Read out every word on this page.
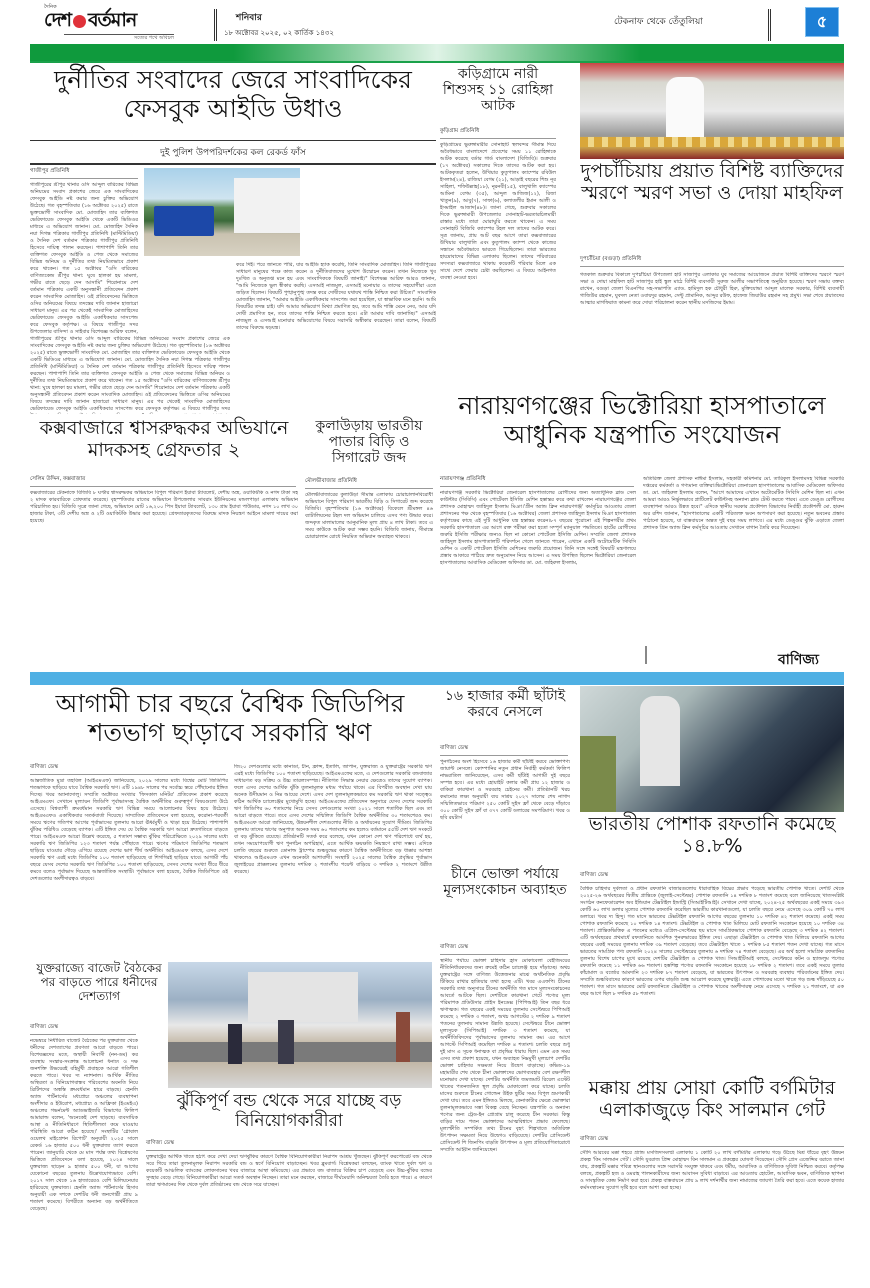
দৈনিক
দেশ বর্তমান
সত্যের পথে অবিচল
শনিবার
১৮ অক্টোবর ২০২৫, ০২ কার্তিক ১৪৩২
টেকনাফ থেকে তেঁতুলিয়া	৫
দুর্নীতির সংবাদের জেরে সাংবাদিকের ফেসবুক আইডি উধাও
দুই পুলিশ উপপরিদর্শকের কল রেকর্ড ফাঁস
গাজীপুর প্রতিনিধি
গাজীপুরের শ্রীপুর থানার ওসি আব্দুল বারিকের বিভিন্ন অনিয়মের সংবাদ প্রকাশের জেরে এক সাংবাদিকের ফেসবুক আইডি নষ্ট করার জন্য চুক্তির অভিযোগ উঠেছে। গত বৃহস্পতিবার (১৬ অক্টোবর ২০২৫) রাতে ভুক্তভোগী সাংবাদিক মো. মোজাহিদ তার ব্যক্তিগত ভেরিফায়েড ফেসবুক আইডি থেকে একটি ভিডিওর মাধ্যমে এ অভিযোগ জানান। মো. মোজাহিদ দৈনিক নয়া দিগন্ত পত্রিকার গাজীপুর প্রতিনিধি (মাল্টিমিডিয়া) ও দৈনিক দেশ বর্তমান পত্রিকার গাজীপুর প্রতিনিধি হিসেবে দায়িত্ব পালন করছেন। পাশাপাশি তিনি তার ব্যক্তিগত ফেসবুক আইডি ও পেজ থেকে সমাজের বিভিন্ন অনিয়ম ও দুর্নীতির তথ্য নিয়মিতভাবে প্রকাশ করে থাকেন। গত ১৫ অক্টোবর "ওসি বারিকের বাণিজ্যকেন্দ্র শ্রীপুর থানা: ঘুষে হালকা হয় মামলা, গভীর রাতে ছেড়ে দেন আসামি" শিরোনামে দেশ বর্তমান পত্রিকায় একটি অনুসন্ধানী প্রতিবেদন প্রকাশ করেন সাংবাদিক মোজাহিদ। ওই প্রতিবেদনের ভিত্তিতে ওসির অনিয়মের বিষয়ে তদন্তের দাবি জানান হাজারো সাধারণ মানুষ। এর পর থেকেই সাংবাদিক মোজাহিদের ভেরিফায়েড ফেসবুক আইডি একাধিকবার সাসপেন্ড করে ফেসবুক কর্তৃপক্ষ। এ বিষয়ে গাজীপুর সদর উপজেলার বাসিন্দা ও সাইবার বিশেষজ্ঞ আরিফ বলেন,
গাজীপুরের শ্রীপুর থানার ওসি আব্দুল বারিকের বিভিন্ন অনিয়মের সংবাদ প্রকাশের জেরে এক সাংবাদিকের ফেসবুক আইডি নষ্ট করার জন্য চুক্তির অভিযোগ উঠেছে। গত বৃহস্পতিবার (১৬ অক্টোবর ২০২৫) রাতে ভুক্তভোগী সাংবাদিক মো. মোজাহিদ তার ব্যক্তিগত ভেরিফায়েড ফেসবুক আইডি থেকে একটি ভিডিওর মাধ্যমে এ অভিযোগ জানান। মো. মোজাহিদ দৈনিক নয়া দিগন্ত পত্রিকার গাজীপুর প্রতিনিধি (মাল্টিমিডিয়া) ও দৈনিক দেশ বর্তমান পত্রিকার গাজীপুর প্রতিনিধি হিসেবে দায়িত্ব পালন করছেন। পাশাপাশি তিনি তার ব্যক্তিগত ফেসবুক আইডি ও পেজ থেকে সমাজের বিভিন্ন অনিয়ম ও দুর্নীতির তথ্য নিয়মিতভাবে প্রকাশ করে থাকেন। গত ১৫ অক্টোবর "ওসি বারিকের বাণিজ্যকেন্দ্র শ্রীপুর থানা: ঘুষে হালকা হয় মামলা, গভীর রাতে ছেড়ে দেন আসামি" শিরোনামে দেশ বর্তমান পত্রিকায় একটি অনুসন্ধানী প্রতিবেদন প্রকাশ করেন সাংবাদিক মোজাহিদ। ওই প্রতিবেদনের ভিত্তিতে ওসির অনিয়মের বিষয়ে তদন্তের দাবি জানান হাজারো সাধারণ মানুষ। এর পর থেকেই সাংবাদিক মোজাহিদের ভেরিফায়েড ফেসবুক আইডি একাধিকবার সাসপেন্ড করে ফেসবুক কর্তৃপক্ষ। এ বিষয়ে গাজীপুর সদর
করে দিই। পরে জানতে পারি, যার আইডি হ্যাক করেছি, তিনি সাংবাদিক মোজাহিদ। তিনি গাজীপুরের সাধারণ মানুষের পক্ষে কাজ করেন ও দুর্নীতিবাজদের মুখোশ উন্মোচন করেন। তখন নিজেকে খুব দুঃখিত ও অনুতপ্ত মনে হয় এবং সাংবাদিককে বিষয়টি জানাই।" বিশেষজ্ঞ আরিফ আরও জানান, "আমি নিজেকে ভুল স্বীকার করছি। এসআই নাজমুল, এসআই মনোয়ার ও তাদের সহযোগীরা এতে জড়িত ছিলেন। বিষয়টি পুঙ্খানুপুঙ্খ তদন্ত করে দোষীদের যথাযথ শাস্তি নিশ্চিত করা উচিত।" সাংবাদিক মোজাহিদ জানান, "আমার আইডি একাধিকবার সাসপেন্ড করা হয়েছিল, যা স্বাভাবিক মনে হয়নি। আমি বিষয়টির তদন্ত চাই। যদি আমার অভিযোগ মিথ্যা প্রমাণিত হয়, তবে আমি শাস্তি মেনে নেব, আর যদি দোষী প্রমাণিত হন, তবে তাদের শাস্তি নিশ্চিত করতে হবে। এটা আমার দাবি জানাচ্ছি।" এসআই নাজমুল ও এসআই মনোয়ার অভিযোগের বিষয়ে সরাসরি অস্বীকার করেছেন। তারা বলেন, বিষয়টি তাদের বিরুদ্ধে ষড়যন্ত্র।
কড়িগ্রামে নারী শিশুসহ ১১ রোহিঙ্গা আটক
কুড়িগ্রাম প্রতিনিধি
কুড়িগ্রামের ভুরুঙ্গামারীর সোনাহাট স্থলবন্দর সীমান্ত দিয়ে অবৈধভাবে বাংলাদেশে প্রবেশের সময় ১১ রোহিঙ্গাকে আটক করেছে বর্ডার গার্ড বাংলাদেশ (বিজিবি)। শুক্রবার (১৭ অক্টোবর) সকালের দিকে তাদের আটক করা হয়। আটককৃতরা হলেন, উখিয়ার কুতুপালং ক্যাম্পের রবিউল ইসলাম(২৪), রাজিয়া বেগম (২১), আড়াই বছরের শিশু নূর সাহিলা, শফিউল্লাহ(১৮), নূরনবী(১৫), বালুখালি ক্যাম্পের আমিনা বেগম (৩৫), আব্দুল আজিজ(১২), রিজা খাতুন(৯), আবু(৭), সাফা(৬), কলাতলীর ইমান আলী ও ইসমাইল আজাদ(৪৮)। জানা গেছে, শুক্রবার সকালের দিকে ভুরুঙ্গামারী উপজেলার সোনাহাট-ভরতারচিলমারী রাস্তার মধ্যে তারা ঘোরাঘুরি করতে থাকেন। এ সময় সোনাহাট বিজিবি ক্যাম্পের টহল দল তাদের আটক করে। সূত্র জানায়, প্রায় আট বছর আগে তারা কক্সবাজারের উখিয়ার বালুখালি এবং কুতুপালং ক্যাম্প থেকে কাজের সন্ধানে অবৈধভাবে ভারতে গিয়েছিলেন। তারা ভারতের হায়দ্রাবাদের বিভিন্ন এলাকায় ছিলেন। তাদের পরিবারের সদস্যরা কক্সবাজারে থাকায় কয়েকটি পরিবার মিলে এক সাথে দেশে ফেরার চেষ্টা করছিলেন। এ বিষয়ে আইনগত ব্যবস্থা নেওয়া হবে।
দুপচাঁচিয়ায় প্রয়াত বিশিষ্ট ব্যাক্তিদের স্মরণে স্মরণ সভা ও দোয়া মাহফিল
দুপচাঁচিয়া (বগুড়া) প্রতিনিধি
গতকাল শুক্রবার বিকালে দুপচাঁচিয়া উপজেলা হাট সাজাপুর এলাকার যুব সমাজের আয়োজনে প্রয়াত বিশিষ্ট ব্যক্তিদের স্মরণে স্মরণ সভা ও দোয়া মাহফিল হাট সাজাপুর হাই স্কুল মাঠে বিশিষ্ট ব্যবসায়ী সুরুজ আলীর সভাপতিত্বে অনুষ্ঠিত হয়েছে। স্মরণ সভায় বক্তব্য রাখেন, বগুড়া জেলা বিএনপির সহ-সভাপতি এ্যাড. হামিদুল হক চৌধুরী হিরু, মুক্তিযোদ্ধা আব্দুল মালেক সরকার, বিশিষ্ট ব্যবসায়ী গাজিউর রহমান, যুবদল নেতা ওবায়দুর রহমান, সেন্টু প্রামানিক, আব্দুর রউফ, হাফেজ জিয়াউর রহমান সহ প্রমুখ। সভা শেষে প্রয়াতদের আত্মার মাগফিরাত কামনা করে দোয়া পরিচালনা করেন স্থানীয় মসজিদের ইমাম।
কক্সবাজারে শ্বাসরুদ্ধকর অভিযানে মাদকসহ গ্রেফতার ২
সেলিম উদ্দিন, কক্সবাজার
কক্সবাজারের টেকনাফে বিজিবি ৮ ঘণ্টার শ্বাসরুদ্ধকর অভিযানে বিপুল পরিমাণ ইয়াবা ট্যাবলেট, দেশীয় অস্ত্র, ওয়াকিটকি ও নগদ টাকা সহ ২ মাদক কারবারিকে গ্রেফতার করেছে। বৃহস্পতিবার রাতের অভিযানে উপজেলার সাবরাং ইউনিয়নের মন্ডলপাড়া এলাকায় অভিযান পরিচালিত হয়। বিজিবি সূত্রে জানা গেছে, অভিযানে মোট ১৬,২০০ পিস ইয়াবা ট্যাবলেট, ১৩০ গ্রাম ইয়াবা পাউডার, নগদ ১০ লাখ ৩০ হাজার টাকা, ৩টি দেশীয় অস্ত্র ও ২টি ওয়াকিটকি উদ্ধার করা হয়েছে। গ্রেফতারকৃতদের বিরুদ্ধে মাদক নিয়ন্ত্রণ আইনে মামলা দায়ের করা হয়েছে।
কুলাউড়ায় ভারতীয় পাতার বিড়ি ও সিগারেট জব্দ
মৌলভীবাজার প্রতিনিধি
মৌলভীবাজারের কুলাউড়া সীমান্ত এলাকায় চোরাচালানবিরোধী অভিযানে বিপুল পরিমাণ ভারতীয় বিড়ি ও সিগারেট জব্দ করেছে বিজিবি। বৃহস্পতিবার (১৬ অক্টোবর) বিকেলে শ্রীমঙ্গল ৪৬ ব্যাটালিয়নের টহল দল অভিযান চালিয়ে এসব পণ্য উদ্ধার করে। জব্দকৃত মালামালের আনুমানিক মূল্য প্রায় ৪ লাখ টাকা। তবে এ সময় কাউকে আটক করা সম্ভব হয়নি। বিজিবি জানায়, সীমান্তে চোরাচালান রোধে নিয়মিত অভিযান অব্যাহত থাকবে।
নারায়ণগঞ্জের ভিক্টোরিয়া হাসপাতালে আধুনিক যন্ত্রপাতি সংযোজন
নারায়ণগঞ্জ প্রতিনিধি
নারায়ণগঞ্জ সরকারি ভিক্টোরিয়া জেনারেল হাসপাতালের রোগীদের জন্য অত্যাধুনিক ব্লাড সেল কাউন্টার (সিবিসি) এবং পোর্টেবল ইসিজি মেশিন হস্তান্তর করে কথা রাখলেন নারায়ণগঞ্জের জেলা প্রশাসক মোহাম্মদ জাহিদুল ইসলাম মিঞা।'গ্রীন অ্যান্ড ক্লিন নারায়ণগঞ্জ' কর্মসূচির আওতায় জেলা প্রশাসনের পক্ষ থেকে বৃহস্পতিবার (১৬ অক্টোবর) জেলা প্রশাসক জাহিদুল ইসলাম মিঞা হাসপাতাল কর্তৃপক্ষের কাছে এই দুটি আধুনিক যন্ত্র হস্তান্তর করেন।৮৭ বছরের পুরোনো এই শিল্পনগরীর প্রথম সরকারি হাসপাতালে এর আগে রক্ত পরীক্ষা করা হতো সম্পূর্ণ ম্যানুয়াল পদ্ধতিতে। হার্টের রোগীদের জরুরি ইসিজি পরীক্ষার জন্যও ছিল না কোনো পোর্টেবল ইসিজি মেশিন। সম্প্রতি জেলা প্রশাসক জাহিদুল ইসলাম হাসপাতালটি পরিদর্শনে গেলে জানতে পারেন, এখানে একটি অটোমেটিক সিবিসি মেশিন ও একটি পোর্টেবল ইসিজি মেশিনের জরুরি প্রয়োজন। তিনি সঙ্গে সঙ্গেই বিষয়টি মন্ত্রণালয়ে প্রস্তাব আকারে পাঠিয়ে দ্রুত অনুমোদন নিয়ে আসেন। এ সময় উপস্থিত ছিলেন ভিক্টোরিয়া জেনারেল হাসপাতালের আবাসিক মেডিকেল অফিসার ডা. মো. জহিরুল ইসলাম,
অতিরিক্ত জেলা প্রশাসক নাঈমা ইসলাম, সহকারী কমিশনার মো. তারিকুল ইসলামসহ বিভিন্ন সরকারি দপ্তরের কর্মকর্তা ও গণ্যমান্য ব্যক্তিরা।ভিক্টোরিয়া জেনারেল হাসপাতালের আবাসিক মেডিকেল অফিসার ডা. মো. জহিরুল ইসলাম বলেন, "আগে আমাদের এখানে অটোমেটিক সিবিসি মেশিন ছিল না। এখন আমরা আরও নির্ভুলভাবে প্লাটিলেট কাউন্টসহ অন্যান্য ব্লাড টেস্ট করতে পারব। এতে ডেঙ্গু রোগীদের ব্যবস্থাপনা আরও উন্নত হবে।" এদিকে স্থানীয় সরকার প্রকৌশল বিভাগের নির্বাহী প্রকৌশলী মো. হারুন অর রশিদ জানান, "হাসপাতালের একটি পরিত্যক্ত ভবন অপসারণ করা হয়েছে। নতুন ভবনের প্রস্তাব পাঠানো হয়েছে, যা বাস্তবায়নে অন্তত দুই বছর সময় লাগবে। এর মধ্যে ডেঙ্গুর ঝুঁকি এড়াতে জেলা প্রশাসক গ্রিন অ্যান্ড ক্লিন কর্মসূচির আওতায় সেখানে বাগান তৈরি করে দিয়েছেন।
বাণিজ্য
আগামী চার বছরে বৈশ্বিক জিডিপির শতভাগ ছাড়াবে সরকারি ঋণ
বাণিজ্য ডেস্ক
আন্তর্জাতিক মুদ্রা তহবিল (আইএমএফ) জানিয়েছে, ২০২৯ সালের মধ্যে বিশ্বের মোট জিডিপির শতভাগকে ছাড়িয়ে যাবে বৈশ্বিক সরকারি ঋণ। এটি ১৯৪৮ সালের পর সর্বোচ্চ স্তরে পৌঁছানোর ইঙ্গিত দিচ্ছে। খবর অ্যানাদোলু। সম্প্রতি অক্টোবর সংখ্যার 'ফিসকাল মনিটর' প্রতিবেদন প্রকাশ করেছে আইএমএফ। সেখানে মূল্যায়ন জিডিপি পূর্বাভাসসহ বৈশ্বিক অর্থনীতির গুরুত্বপূর্ণ বিষয়গুলো উঠে এসেছে। বিশ্বব্যাপী ক্রমবর্ধমান সরকারি ঋণ বিভিন্ন সময়ে আলোচনার বিষয় হয়ে উঠেছে। আইএমএফও একাধিকবার সতর্কবার্তা দিয়েছে। সাম্প্রতিক প্রতিবেদনে বলা হয়েছে, করোনা-পরবর্তী সময়ে ঋণের গতিপথ আগের পূর্বাভাসের তুলনায় আরো ঊর্ধ্বমুখী ও খাড়া হয়ে উঠেছে। পাশাপাশি ঝুঁকির পরিধিও বেড়েছে ব্যাপক। এটি ইঙ্গিত দেয় যে বৈশ্বিক সরকারি ঋণ আরো দ্রুতগতিতে বাড়তে পারে। আইএমএফ আরো উল্লেখ করেছে, ৫ শতাংশ সম্ভাব্য ঝুঁকির পরিপ্রেক্ষিতে ২০২৯ সালের মধ্যে সরকারি ঋণ জিডিপির ১২৩ শতাংশ পর্যন্ত পৌঁছাতে পারে। ঋণের পরিমাণে জিডিপির শতভাগ ছাড়িয়ে যাওয়ার দৌড়ে এগিয়ে রয়েছে দেশের ভাগ শীর্ষ অর্থনীতি। আইএমএফ বলছে, এসব দেশে সরকারি ঋণ এরই মধ্যে জিডিপির ১০০ শতাংশ ছাড়িয়েছে বা শিগগিরই ছাড়িয়ে যাবে। আগামী পাঁচ বছরে যেসব দেশের সরকারি ঋণ জিডিপির ১০০ শতাংশ ছাড়িয়েছে, সেসব দেশের সংখ্যা ধীরে ধীরে কমবে বলেও পূর্বাভাস দিয়েছে আন্তর্জাতিক সংস্থাটি। পূর্বাভাসে বলা হয়েছে, বৈশ্বিক জিডিপিতে ওই দেশগুলোর অংশীদারত্বও বাড়বে।
জি২০ দেশগুলোর মধ্যে কানাডা, চীন, ফ্রান্স, ইতালি, জাপান, যুক্তরাজ্য ও যুক্তরাষ্ট্রের সরকারি ঋণ এরই মধ্যে জিডিপির ১০০ শতাংশ ছাড়িয়েছে। আইএমএফের মতে, এ দেশগুলোর সরকারি বন্ডবাজার সাধারণত বড় সক্রিয় ও উচ্চ তারল্যসম্পন্ন। নীতিগত সিদ্ধান্ত নেয়ার ক্ষেত্রেও তাদের সুযোগ ব্যাপক। ফলে এসব দেশের আর্থিক ঝুঁকি তুলনামূলক মধ্যম পর্যায়ে থাকে। এর বিপরীত অবস্থান দেখা যায় অনেক উদীয়মান ও নিম্ন আয়ের দেশে। এসব দেশ তুলনামূলকভাবে কম সরকারি ঋণ থাকা সত্ত্বেও কঠিন আর্থিক চ্যালেঞ্জের মুখোমুখি হচ্ছে। আইএমএফের প্রতিবেদন অনুসারে যেসব দেশের সরকারি ঋণ জিডিপির ৬০ শতাংশের নিচে সেসব দেশগুলোর সংখ্যা ২০২১ সালে শতাধিক ছিল এবং তা আরো বাড়তে পারে। তবে এসব দেশের সম্মিলিত জিডিপি বৈশ্বিক অর্থনীতির ৩০ শতাংশেরও কম। আইএমএফ আরো জানিয়েছে, উন্নয়নশীল দেশগুলোর নীতি ও অর্থায়নের সুযোগ সীমিত। জিডিপির তুলনায় তাদের ঋণের অনুপাত অনেক সময় ৬০ শতাংশের কম হলেও বর্তমানে ৫৫টি দেশ ঋণ সংকটে বা বড় ঝুঁকিতে রয়েছে। প্রতিষ্ঠানটি সতর্ক করে বলেছে, যখন কোনো দেশ ঋণ পরিশোধে ব্যর্থ হয়, তখন সময়োপযোগী ঋণ পুনর্গঠন অপরিহার্য, এতে আর্থিক ক্ষয়ক্ষতি নিয়ন্ত্রণে রাখা সম্ভব। এদিকে চলতি বছরের শুরুতে ডোনাল্ড ট্রাম্পের শুল্কযুদ্ধের কারণে বৈশ্বিক অর্থনীতিতে বড় ধাক্কার আশঙ্কা থাকলেও আইএমএফ এখন অনেকটা আশাবাদী। সংস্থাটি ২০২৫ সালের বৈশ্বিক প্রবৃদ্ধির পূর্বাভাস জুলাইয়ের প্রাক্কলনের তুলনায় দশমিক ২ শতাংশীয় পয়েন্ট বাড়িয়ে ৩ দশমিক ২ শতাংশে উন্নীত করেছে।
১৬ হাজার কর্মী ছাঁটাই করবে নেসলে
বাণিজ্য ডেস্ক
পুনর্গঠনের অংশ হিসেবে ১৬ হাজার কর্মী ছাঁটাই করবে ভোক্তাপণ্য জায়ান্ট নেসলে। কোম্পানির নতুন প্রধান নির্বাহী কর্মকর্তা ফিলিপ নাভরাতিল জানিয়েছেন, এসব কর্মী ছাঁটাই আগামী দুই বছরে সম্পন্ন হবে। এর মধ্যে হোয়াইট কলার কর্মী প্রায় ১২ হাজার ও বাকিরা কারখানা ও সরবরাহ চেইনের কর্মী। প্রতিষ্ঠানটি খরচ কমানোর লক্ষ্য অনুযায়ী ব্যয় সাশ্রয় ২০২৭ সালের শেষ নাগাদ সম্মিলিতভাবে পরিমাণ ২৫০ কোটি সুইস ফ্রাঁ থেকে বেড়ে দাঁড়াবে ৩০০ কোটি সুইস ফ্রাঁ বা ৩৭৭ কোটি ডলারের সমপরিমাণ। খবর ও ছবি রয়টার্স	ভারতীয় পোশাক রফতানি কমেছে ১৪.৮%
বাণিজ্য ডেস্ক
বৈশ্বিক চাহিদার দুর্বলতা ও প্রধান রফতানি বাজারগুলোয় ধারাবাহিক বিঘ্নের প্রভাব পড়েছে ভারতীয় পোশাক খাতে। দেশটি থেকে ২০২৫-২৬ অর্থবছরের দ্বিতীয় প্রান্তিকে (জুলাই-সেপ্টেম্বর) পোশাক রফতানি ১৪ দশমিক ৮ শতাংশ কমেছে বলে জানিয়েছে খাতসংশ্লিষ্ট সংগঠন কনফেডারেশন অব ইন্ডিয়ান টেক্সটাইল ইন্ডাস্ট্রি (সিআইটিআই)। সেখানে দেখা যাচ্ছে, ২০২৪-২৫ অর্থবছরের একই সময়ে ৩৯৩ কোটি ৬০ লাখ ডলার মূল্যের পোশাক রফতানি করেছিল ভারতীয় কারখানাগুলো, যা চলতি বছরে নেমে এসেছে ৩০৯ কোটি ৭০ লাখ ডলারে। খবর দ্য হিন্দু। গত মাসে ভারতের টেক্সটাইল রফতানি আগের বছরের তুলনায় ১০ দশমিক ৪২ শতাংশ কমেছে। একই সময় পোশাক রফতানি কমেছে ১০ দশমিক ১৪ শতাংশ। টেক্সটাইল ও পোশাক খাত মিলিয়ে মোট রফতানি সংকোচন হয়েছে ১০ দশমিক ৩৪ শতাংশ। প্রান্তিকভিত্তিক এ পতনের মধ্যেও এপ্রিল-সেপ্টেম্বর ছয় মাসে সামগ্রিকভাবে পোশাক রফতানি বেড়েছে ৩ দশমিক ৪২ শতাংশ। এটি অর্থবছরের প্রথমার্ধে রফতানিতে আংশিক পুনরুদ্ধারের ইঙ্গিত দেয়। এছাড়া টেক্সটাইল ও পোশাক খাত মিলিয়ে রফতানি আগের বছরের একই সময়ের তুলনায় দশমিক ৩৯ শতাংশ বেড়েছে। তবে টেক্সটাইল খাতে ১ দশমিক ৮৫ শতাংশ পতন দেখা যাচ্ছে। গত মাসে ভারতের সামগ্রিক পণ্য রফতানি ২০২৪ সালের সেপ্টেম্বরের তুলনায় ৬ দশমিক ৭৪ শতাংশ বেড়েছে। এর অর্থ হলো সামগ্রিক রফতানির তুলনায় বিশেষ চাপের মুখে রয়েছে দেশটির টেক্সটাইল ও পোশাক খাত। সিআইটিআই বলছে, সেপ্টেম্বরে কটন ও হ্যান্ডলুম পণ্যের রফতানি কমেছে ১১ দশমিক ৬৬ শতাংশ। হস্তশিল্প পণ্যের রফতানি সংকোচন হয়েছে ১৮ দশমিক ২ শতাংশ। তবে একই সময়ে তুলার কাঁচামাল ও বর্জ্যের আমদানি ২৩ দশমিক ৮৭ শতাংশ বেড়েছে, যা ভারতের উৎপাদন ও সরবরাহ ব্যবস্থায় পরিবর্তনের ইঙ্গিত দেয়। সম্প্রতি শুল্কবিবাদের কারণে ভারতের ওপর বাড়তি শুল্ক আরোপ করেছে যুক্তরাষ্ট্র। এতে পোশাকের মতো খাতে গড় শুল্ক দাঁড়িয়েছে ৫০ শতাংশ। গত মাসে ভারতের মোট রফতানিতে টেক্সটাইল ও পোশাক খাতের অংশীদারত্ব নেমে এসেছে ৭ দশমিক ২১ শতাংশে, যা এক বছর আগে ছিল ৮ দশমিক ৫৮ শতাংশ।
চীনে ভোক্তা পর্যায়ে মূল্যসংকোচন অব্যাহত
বাণিজ্য ডেস্ক
স্থানীয় পর্যায়ে ভোক্তা চাহিদার হ্রাস মোকাবেলা বেইজিংয়ের নীতিনির্ধারকদের জন্য ক্রমেই কঠিন চ্যালেঞ্জ হয়ে দাঁড়াচ্ছে। অথচ যুক্তরাষ্ট্রের সঙ্গে বাণিজ্য উত্তেজনার মাঝে অর্থনৈতিক প্রবৃদ্ধি টিকিয়ে রাখার হাতিয়ার তথা হচ্ছে এটি। খবর এএফপি। চীনের সরকারি তথ্য অনুসারে চীনের অর্থনীতি গত মাসে মূল্যসংকোচনের আবর্তে আটকে ছিল। দেশটিতে কারখানা গেটে পণ্যের মূল্য পরিমাপক প্রডিউসার প্রাইস ইনডেক্স (পিপিআই) তিন বছর ধরে ঋণাত্মক। গত বছরের একই সময়ের তুলনায় সেপ্টেম্বরে পিপিআই কমেছে ২ দশমিক ৩ শতাংশ, অথচ আগস্টের ২ দশমিক ৯ শতাংশ পতনের তুলনায় সামান্য উন্নতি হয়েছে। সেপ্টেম্বরে চীনে ভোক্তা মূল্যসূচক (সিপিআই) দশমিক ৩ শতাংশ কমেছে, যা অর্থনীতিবিদদের পূর্বাভাসের তুলনায় সামান্য কম। এর আগে আগস্টে সিপিআই কমেছিল দশমিক ৪ শতাংশ। চলতি বছরে শুধু দুই মাস এ সূচক ধনাত্মক বা প্রবৃদ্ধির ধারায় ছিল। এমন এক সময় এসব তথ্য প্রকাশ হয়েছে, যখন অব্যাহত নিম্নমুখী মূল্যচাপ দেশটির ভোক্তা চাহিদার সক্ষমতা নিয়ে উদ্বেগ বাড়াচ্ছে। কভিড-১৯ মহামারীর শেষ থেকে চীনা ভোক্তাদের ভোগব্যবহার বেশ রক্ষণশীল মনোভাব দেখা যাচ্ছে। দেশটির অর্থনীতি জমজমাট রিয়েল এস্টেট খাতের পতনজনিত স্থূল প্রবৃদ্ধি মোকাবেলা করে যাচ্ছে। চলতি মাসের শুরুতে চীনের গোল্ডেন উইক ছুটির সময় বিপুল ভ্রমণকারী দেখা যায়। তবে এমন ইঙ্গিতও মিলছে, কেনাকাটার ক্ষেত্রে ভোক্তারা তুলনামূলকভাবে সস্তা বিকল্প বেছে নিচ্ছেন। যন্ত্রপাতি ও অন্যান্য পণ্যের জন্য ট্রেড-ইন প্রোগ্রাম চালু করেছে চীন সরকার। কিন্তু বাড়ির দামে পতন ভোক্তাদের আত্মবিশ্বাসে প্রভাব ফেলেছে। মূল্যস্ফীতি সম্পর্কিত তথ্য চীনের বৃহৎ শিল্পখাতে অতিরিক্ত উৎপাদন সক্ষমতা নিয়ে উদ্বেগও বাড়িয়েছে। দেশটির প্রেসিডেন্ট প্রেসিডেন্ট শি জিনপিং বাড়তি উৎপাদন ও মূল্য প্রতিযোগিতারোধে সম্প্রতি আহ্বান জানিয়েছেন।
যুক্তরাজ্যে বাজেট বৈঠকের পর বাড়তে পারে ধনীদের দেশত্যাগ
বাণিজ্য ডেস্ক
নভেম্বরে নির্ধারিত বাজেট বৈঠকের পর যুক্তরাজ্য থেকে ধনীদের দেশত্যাগের প্রবণতা আরো বাড়তে পারে। বিশেষজ্ঞদের মতে, অস্থায়ী নিবাসী (নন-ডম) কর ব্যবস্থায় সংস্কার-সংক্রান্ত আলোচনা ধনাঢ্য ও দক্ষ জনশক্তি উভয়েরই বহির্মুখী প্রবাহকে আরো গতিশীল করতে পারে। খবর দ্য ন্যাশনাল। আর্থিক নীতির অস্থিরতা ও বিনিয়োগবান্ধব পরিবেশের অবনতি নিয়ে ব্রিটিশদের অস্বস্তি ক্রমবর্ধমান হারে বাড়ছে। হেনলি অ্যান্ড পার্টনার্সের মধ্যপ্রাচ্য অঞ্চলের ব্যবস্থাপনা অংশীদার ও ইউরোপ, মধ্যপ্রাচ্য ও আফ্রিকা (ইএমইএ) অঞ্চলের গভর্নমেন্ট অ্যাডভাইজরি বিভাগের ফিলিপ আমারাল্ড বলেন, 'অনেকেই দেশ ছাড়ছে। ব্যবসায়িক আস্থা ও নীতিনির্ধারণে স্থিতিশীলতা কমে যাওয়ায় পরিস্থিতি আরো কঠিন হয়েছে।' সংস্থাটির 'গ্লোবাল ওয়েলথ মাইগ্রেশন রিপোর্ট' অনুযায়ী ২০২৫ সালে রেকর্ড ১৬ হাজার ৫০০ ধনী যুক্তরাজ্য ত্যাগ করতে পারেন। জানুয়ারি থেকে মে মাস পর্যন্ত তথ্য বিশ্লেষণের ভিত্তিতে প্রতিবেদনে বলা হয়েছে, ২০২৪ সালে যুক্তরাজ্য ছাড়েন ৯ হাজার ৫০০ ধনী, যা আগের যেকোনো বছরের তুলনায় উল্লেখযোগ্যভাবে বেশি। ২০১৭ সাল থেকে ১৬ হাজারেরও বেশি মিলিয়নেয়ার হারিয়েছে যুক্তরাজ্য। হেনলি অ্যান্ড পার্টনার্সের হিসাব অনুযায়ী এক দশকে দেশটির ধনী জনগোষ্ঠী প্রায় ৯ শতাংশ কমেছে। বিপরীতে অন্যান্য বড় অর্থনীতিতে বেড়েছে।
ঝুঁকিপূর্ণ বন্ড থেকে সরে যাচ্ছে বড় বিনিয়োগকারীরা
বাণিজ্য ডেস্ক
যুক্তরাষ্ট্রের আর্থিক খাতে হঠাৎ করে দেখা দেয়া ঋণঝুঁকির কারণে বৈশ্বিক বিনিয়োগকারীরা নিরাপদ আশ্রয় খুঁজছেন। ঝুঁকিপূর্ণ করপোরেট বন্ড থেকে সরে গিয়ে তারা তুলনামূলক নিরাপদ সরকারি বন্ড ও স্বর্ণে বিনিয়োগ বাড়াচ্ছেন। খবর ব্লুমবার্গ। বিশ্লেষকরা বলছেন, ব্যাংক খাতে দুর্বল ঋণ ও কয়েকটি আঞ্চলিক ব্যাংকের লোকসানের খবর বাজারে আস্থা কমিয়েছে। এর প্রভাবে বন্ড বাজারে বিক্রির চাপ বেড়েছে এবং উচ্চ-ঝুঁকির বন্ডের সুদহার বেড়ে গেছে। বিনিয়োগকারীরা আরো সতর্ক অবস্থান নিচ্ছেন। তারা মনে করছেন, বাজারে দীর্ঘমেয়াদি অনিশ্চয়তা তৈরি হতে পারে। এ কারণে তারা ঋণমানের দিক থেকে দুর্বল প্রতিষ্ঠানের বন্ড থেকে সরে যাচ্ছেন।
মক্কায় প্রায় সোয়া কোটি বর্গমিটার এলাকাজুড়ে কিং সালমান গেট
বাণিজ্য ডেস্ক
সৌদি আরবের মক্কা শহরে গ্র্যান্ড মসজিদসংলগ্ন এলাকায় ১ কোটি ২০ লাখ বর্গমিটার এলাকায় গড়ে উঠছে মিশ্র ধাঁচের বৃহৎ উন্নয়ন প্রকল্প 'কিং সালমান গেট'। সৌদি যুবরাজ প্রিন্স মোহাম্মদ বিন সালমান এ প্রকল্পের ঘোষণা দিয়েছেন। সৌদি প্রেস এজেন্সির বরাতে জানা যায়, প্রকল্পটি মক্কার পবিত্র স্থানগুলোর সঙ্গে সরাসরি সংযুক্ত থাকবে এবং ধর্মীয়, আবাসিক ও বাণিজ্যিক সুবিধা নিশ্চিত করবে। কর্তৃপক্ষ বলছে, প্রকল্পটি হজ ও ওমরাহ পালনকারীদের জন্য আবাসন সুবিধা বাড়াবে। এর আওতায় হোটেল, আবাসিক ভবন, বাণিজ্যিক স্থাপনা ও সাংস্কৃতিক কেন্দ্র নির্মাণ করা হবে। প্রকল্প বাস্তবায়নে প্রায় ৯ লাখ দর্শনার্থীর জন্য নামাজের জায়গা তৈরি করা হবে। এতে কয়েক হাজার কর্মসংস্থানের সুযোগ সৃষ্টি হবে বলে আশা করা হচ্ছে।
